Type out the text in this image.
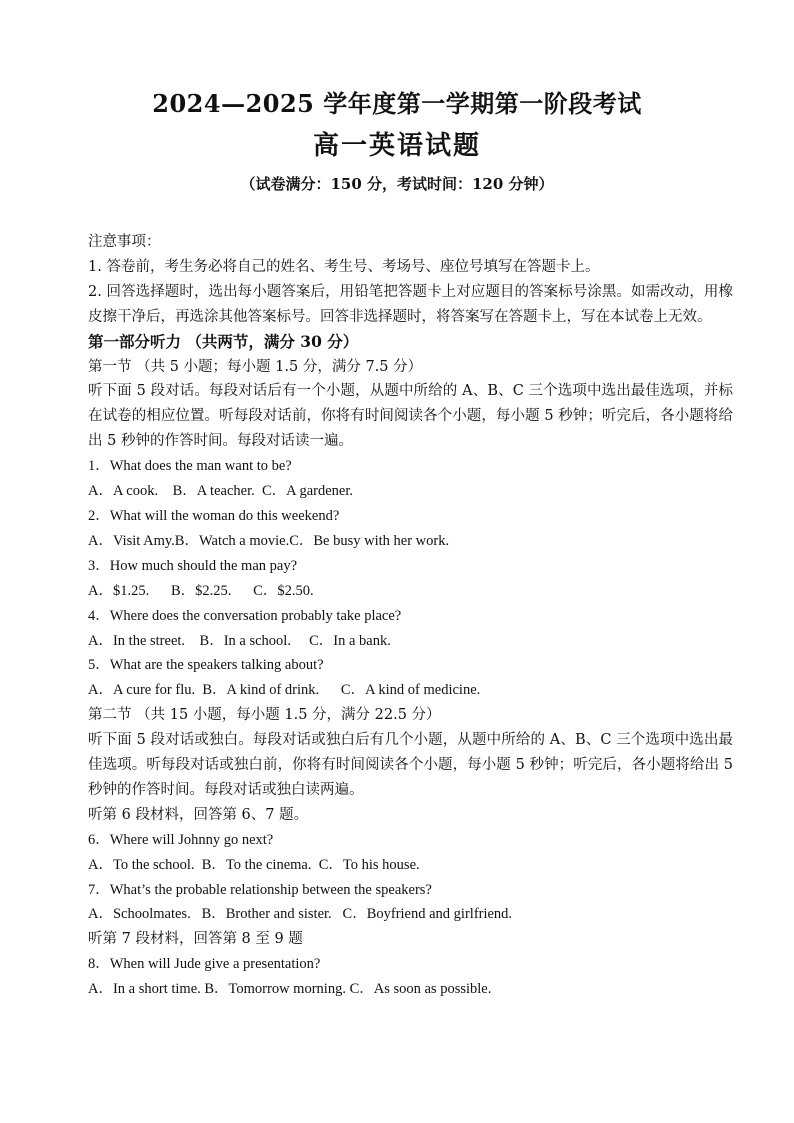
2024—2025 学年度第一学期第一阶段考试
高一英语试题
（试卷满分：150 分，考试时间：120 分钟）
注意事项：
1. 答卷前，考生务必将自己的姓名、考生号、考场号、座位号填写在答题卡上。
2. 回答选择题时，选出每小题答案后，用铅笔把答题卡上对应题目的答案标号涂黑。如需改动，用橡皮擦干净后，再选涂其他答案标号。回答非选择题时，将答案写在答题卡上，写在本试卷上无效。
第一部分听力 （共两节，满分 30 分）
第一节 （共 5 小题；每小题 1.5 分，满分 7.5 分）
听下面 5 段对话。每段对话后有一个小题，从题中所给的 A、B、C 三个选项中选出最佳选项，并标在试卷的相应位置。听每段对话前，你将有时间阅读各个小题，每小题 5 秒钟；听完后，各小题将给出 5 秒钟的作答时间。每段对话读一遍。
1．What does the man want to be?
A．A cook.    B．A teacher.  C．A gardener.
2．What will the woman do this weekend?
A．Visit Amy.B．Watch a movie.C．Be busy with her work.
3．How much should the man pay?
A．$1.25.      B．$2.25.      C．$2.50.
4．Where does the conversation probably take place?
A．In the street.    B．In a school.     C．In a bank.
5．What are the speakers talking about?
A．A cure for flu.  B．A kind of drink.      C．A kind of medicine.
第二节 （共 15 小题，每小题 1.5 分，满分 22.5 分）
听下面 5 段对话或独白。每段对话或独白后有几个小题，从题中所给的 A、B、C 三个选项中选出最佳选项。听每段对话或独白前，你将有时间阅读各个小题，每小题 5 秒钟；听完后，各小题将给出 5 秒钟的作答时间。每段对话或独白读两遍。
听第 6 段材料，回答第 6、7 题。
6．Where will Johnny go next?
A．To the school.  B．To the cinema.  C．To his house.
7．What’s the probable relationship between the speakers?
A．Schoolmates.   B．Brother and sister.   C．Boyfriend and girlfriend.
听第 7 段材料，回答第 8 至 9 题
8．When will Jude give a presentation?
A．In a short time. B．Tomorrow morning. C．As soon as possible.
